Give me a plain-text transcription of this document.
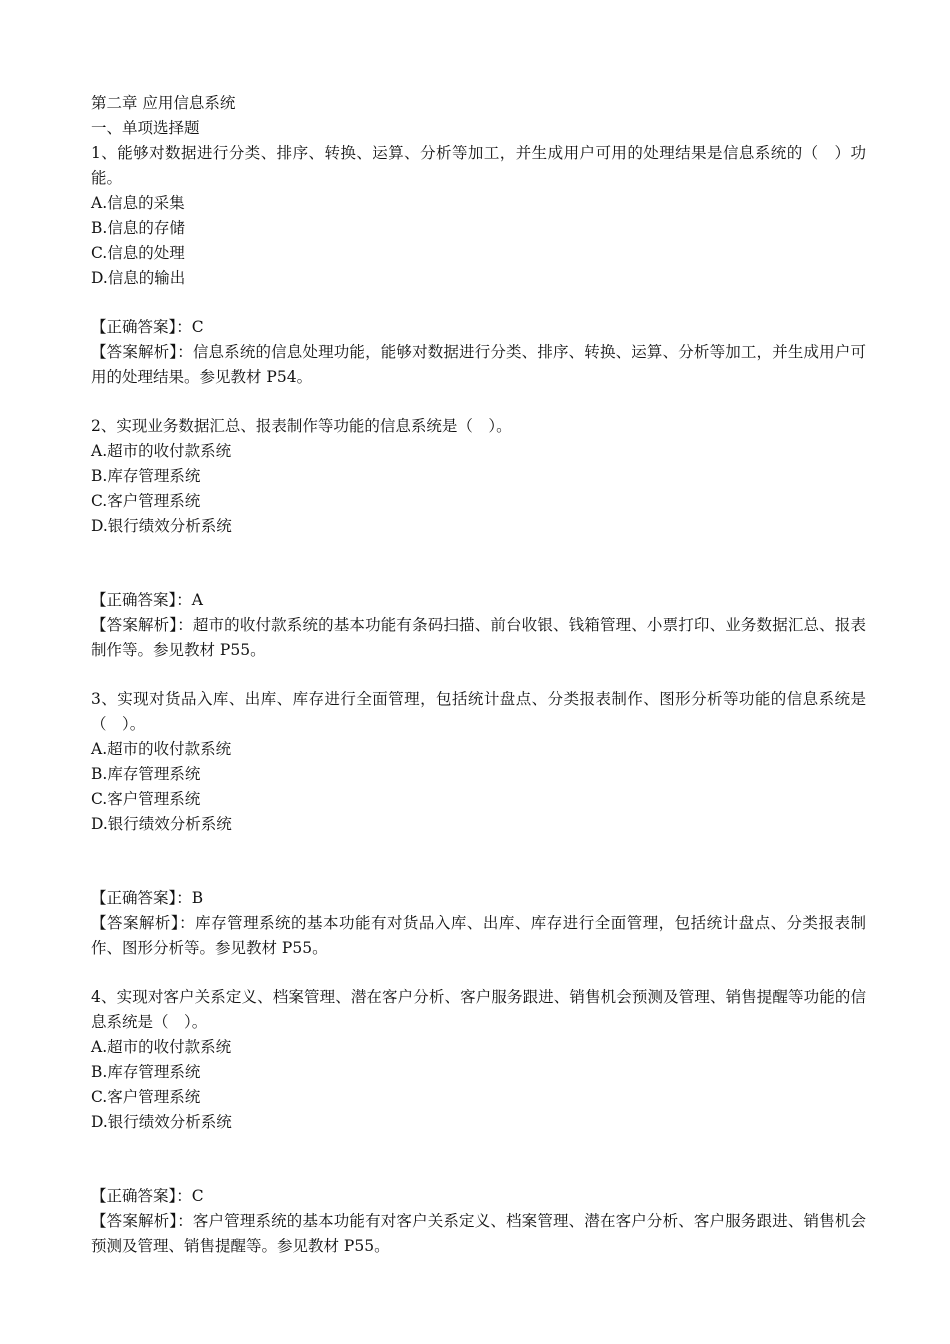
第二章 应用信息系统
一、单项选择题
1、能够对数据进行分类、排序、转换、运算、分析等加工，并生成用户可用的处理结果是信息系统的（　）功能。
A.信息的采集
B.信息的存储
C.信息的处理
D.信息的输出
【正确答案】：C
【答案解析】：信息系统的信息处理功能，能够对数据进行分类、排序、转换、运算、分析等加工，并生成用户可用的处理结果。参见教材 P54。
2、实现业务数据汇总、报表制作等功能的信息系统是（　）。
A.超市的收付款系统
B.库存管理系统
C.客户管理系统
D.银行绩效分析系统
【正确答案】：A
【答案解析】：超市的收付款系统的基本功能有条码扫描、前台收银、钱箱管理、小票打印、业务数据汇总、报表制作等。参见教材 P55。
3、实现对货品入库、出库、库存进行全面管理，包括统计盘点、分类报表制作、图形分析等功能的信息系统是（　）。
A.超市的收付款系统
B.库存管理系统
C.客户管理系统
D.银行绩效分析系统
【正确答案】：B
【答案解析】：库存管理系统的基本功能有对货品入库、出库、库存进行全面管理，包括统计盘点、分类报表制作、图形分析等。参见教材 P55。
4、实现对客户关系定义、档案管理、潜在客户分析、客户服务跟进、销售机会预测及管理、销售提醒等功能的信息系统是（　）。
A.超市的收付款系统
B.库存管理系统
C.客户管理系统
D.银行绩效分析系统
【正确答案】：C
【答案解析】：客户管理系统的基本功能有对客户关系定义、档案管理、潜在客户分析、客户服务跟进、销售机会预测及管理、销售提醒等。参见教材 P55。
